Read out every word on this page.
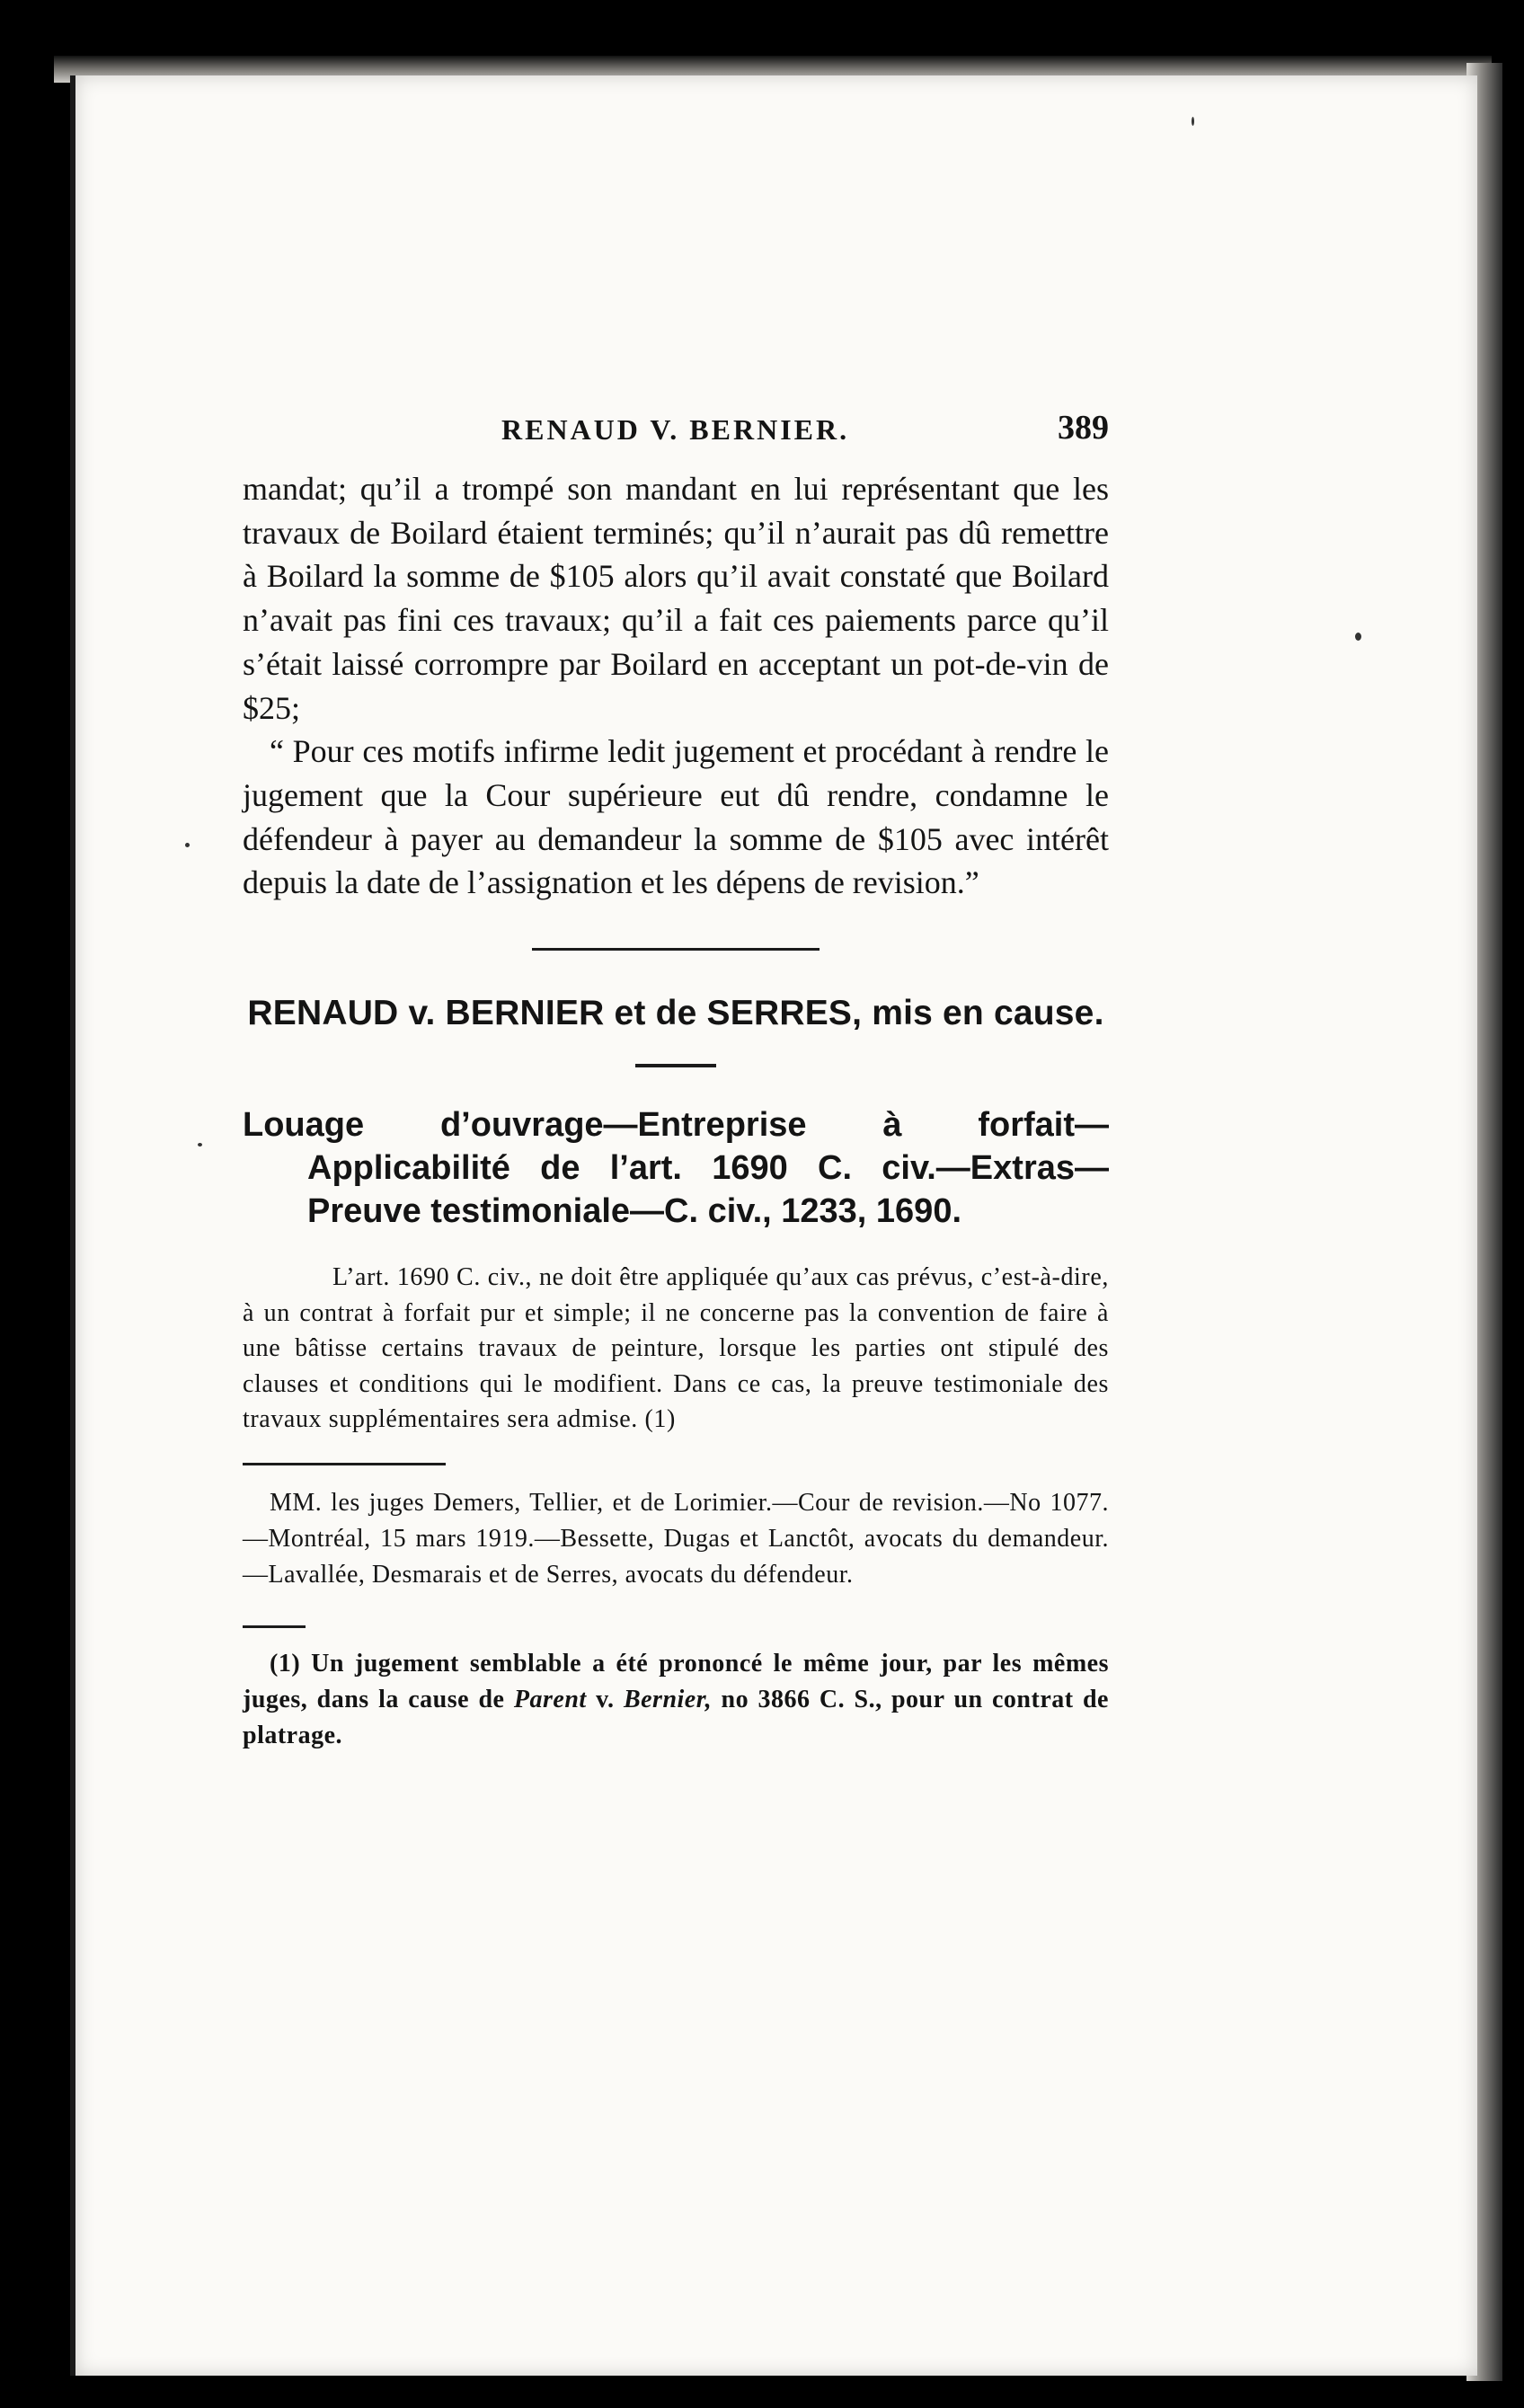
RENAUD V. BERNIER.	389

mandat; qu’il a trompé son mandant en lui représentant que les travaux de Boilard étaient terminés; qu’il n’aurait pas dû remettre à Boilard la somme de $105 alors qu’il avait constaté que Boilard n’avait pas fini ces travaux; qu’il a fait ces paiements parce qu’il s’était laissé corrompre par Boilard en acceptant un pot-de-vin de $25;

“ Pour ces motifs infirme ledit jugement et procédant à rendre le jugement que la Cour supérieure eut dû rendre, condamne le défendeur à payer au demandeur la somme de $105 avec intérêt depuis la date de l’assignation et les dépens de revision.”

RENAUD v. BERNIER et de SERRES, mis en cause.
Louage d’ouvrage—Entreprise à forfait—Applicabilité de l’art. 1690 C. civ.—Extras—Preuve testimoniale—C. civ., 1233, 1690.

L’art. 1690 C. civ., ne doit être appliquée qu’aux cas prévus, c’est-à-dire, à un contrat à forfait pur et simple; il ne concerne pas la convention de faire à une bâtisse certains travaux de peinture, lorsque les parties ont stipulé des clauses et conditions qui le modifient. Dans ce cas, la preuve testimoniale des travaux supplémentaires sera admise. (1)

MM. les juges Demers, Tellier, et de Lorimier.—Cour de revision.—No 1077.—Montréal, 15 mars 1919.—Bessette, Dugas et Lanctôt, avocats du demandeur.—Lavallée, Desmarais et de Serres, avocats du défendeur.

(1) Un jugement semblable a été prononcé le même jour, par les mêmes juges, dans la cause de Parent v. Bernier, no 3866 C. S., pour un contrat de platrage.
